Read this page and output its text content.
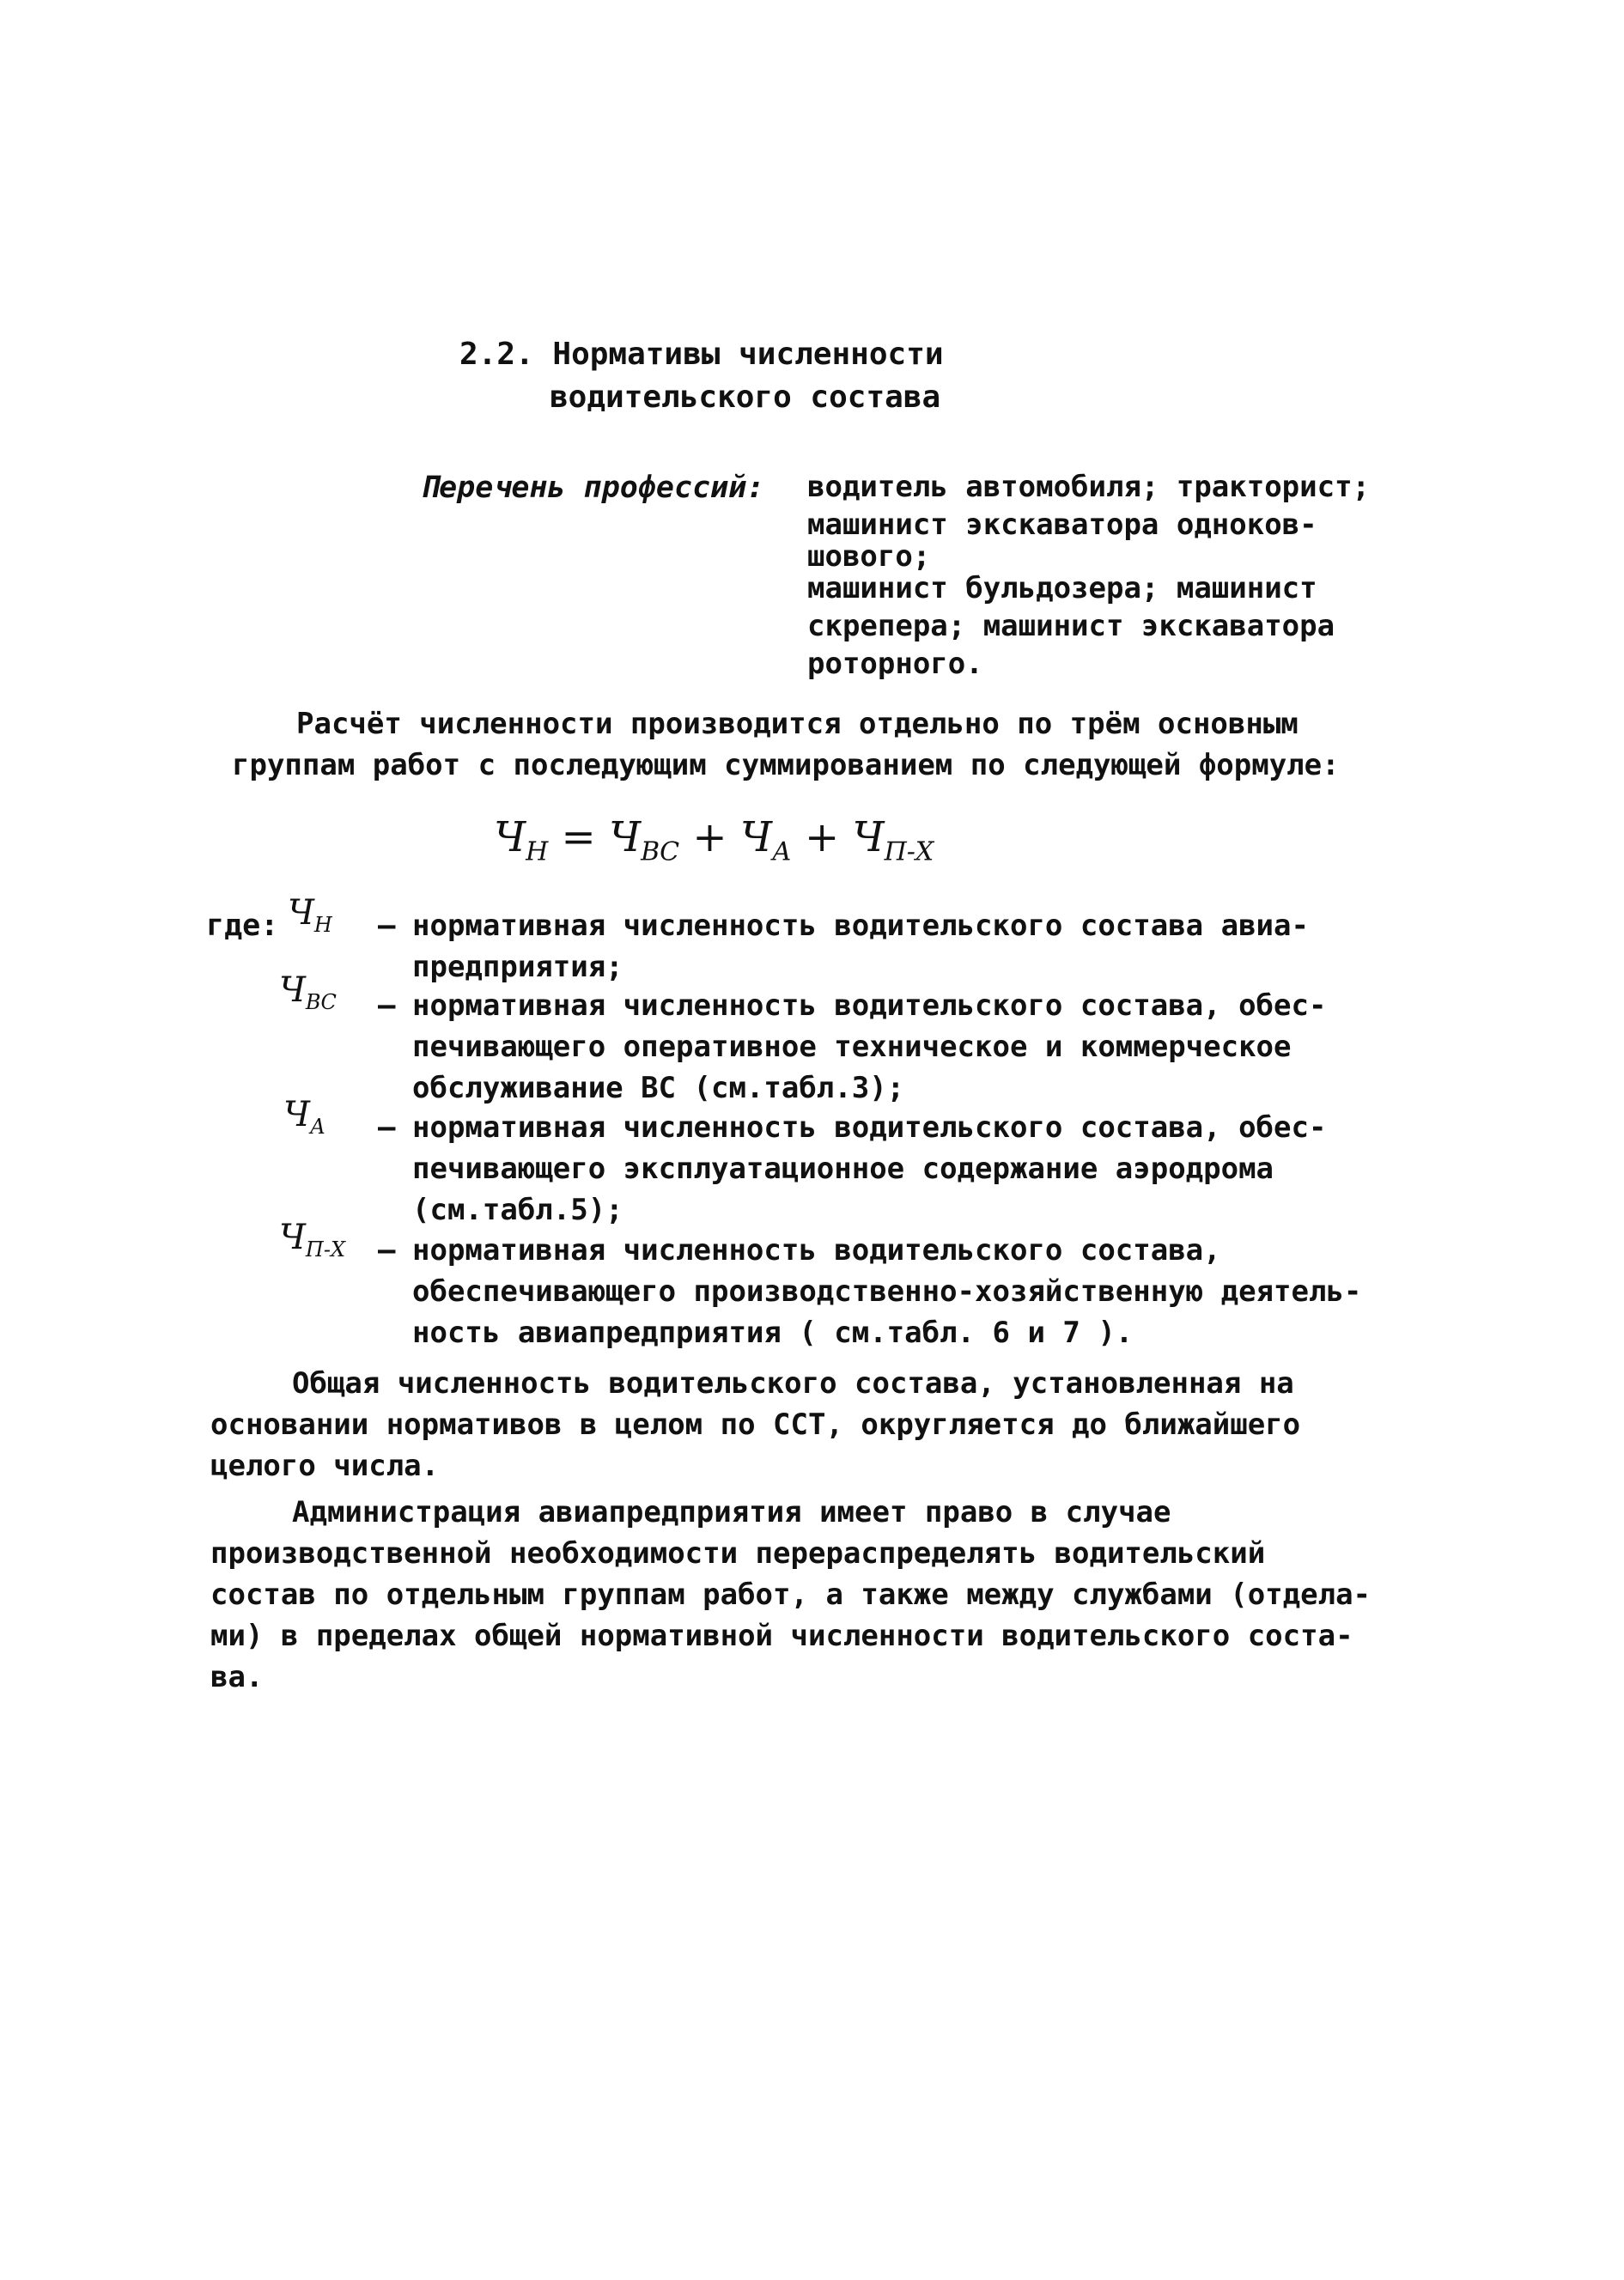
2.2. Нормативы численности
водительского состава
Перечень профессий: водитель автомобиля; тракторист;
машинист экскаватора одноков-
шового;
машинист бульдозера; машинист
скрепера; машинист экскаватора
роторного.
Расчёт численности производится отдельно по трём основным
группам работ с последующим суммированием по следующей формуле:
$Ч_Н = Ч_{ВС} + Ч_А + Ч_{П-Х}$
где: $Ч_Н$ – нормативная численность водительского состава авиа-
предприятия;
$Ч_{ВС}$ – нормативная численность водительского состава, обес-
печивающего оперативное техническое и коммерческое
обслуживание ВС (см.табл.3);
$Ч_А$ – нормативная численность водительского состава, обес-
печивающего эксплуатационное содержание аэродрома
(см.табл.5);
$Ч_{П-Х}$ – нормативная численность водительского состава,
обеспечивающего производственно-хозяйственную деятель-
ность авиапредприятия ( см.табл. 6 и 7 ).
Общая численность водительского состава, установленная на
основании нормативов в целом по ССТ, округляется до ближайшего
целого числа.
Администрация авиапредприятия имеет право в случае
производственной необходимости перераспределять водительский
состав по отдельным группам работ, а также между службами (отдела-
ми) в пределах общей нормативной численности водительского соста-
ва.
